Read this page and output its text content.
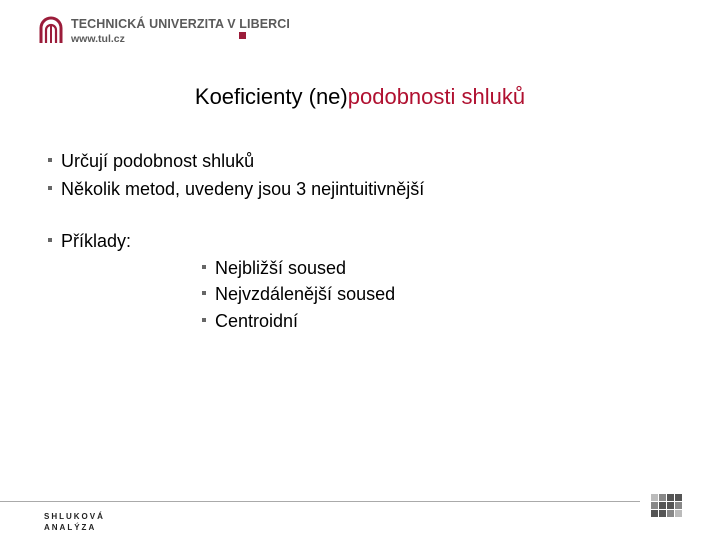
TECHNICKÁ UNIVERZITA V LIBERCI
www.tul.cz
Koeficienty (ne)podobnosti shluků
Určují podobnost shluků
Několik metod, uvedeny jsou 3 nejintuitivnější
Příklady:
Nejbližší soused
Nejvzdálenější soused
Centroidní
SHLUKOVÁ
ANALÝZA
